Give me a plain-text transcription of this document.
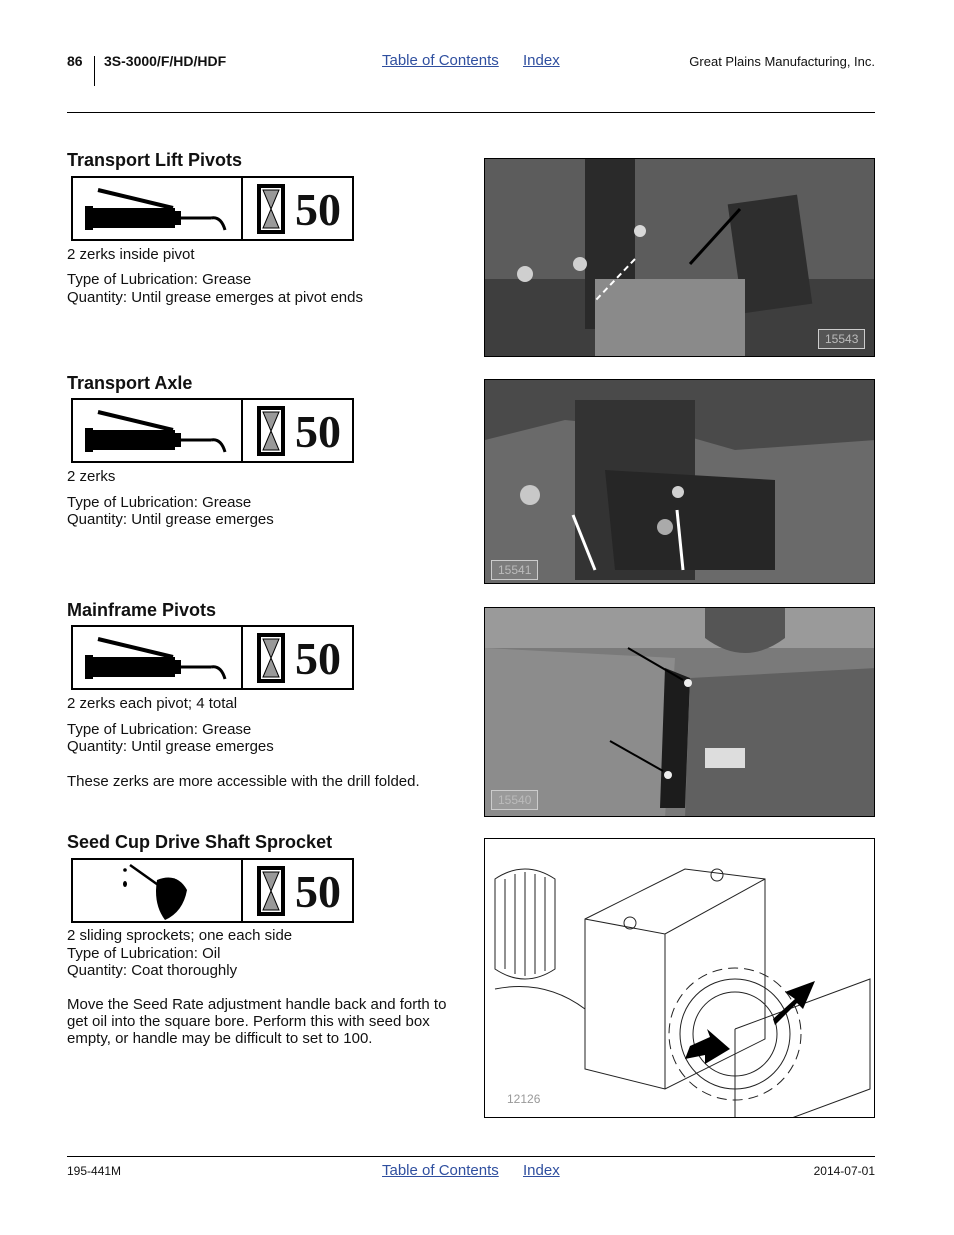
86 3S-3000/F/HD/HDF	Table of Contents Index	Great Plains Manufacturing, Inc.
Transport Lift Pivots
50
2 zerks inside pivot
Type of Lubrication: Grease
Quantity: Until grease emerges at pivot ends
15543
Transport Axle
50
2 zerks
Type of Lubrication: Grease
Quantity: Until grease emerges
15541
Mainframe Pivots
50
2 zerks each pivot; 4 total
Type of Lubrication: Grease
Quantity: Until grease emerges
These zerks are more accessible with the drill folded.
15540
Seed Cup Drive Shaft Sprocket
50
2 sliding sprockets; one each side
Type of Lubrication: Oil
Quantity: Coat thoroughly
Move the Seed Rate adjustment handle back and forth to
get oil into the square bore. Perform this with seed box
empty, or handle may be difficult to set to 100.
12126
195-441M	Table of Contents Index	2014-07-01
